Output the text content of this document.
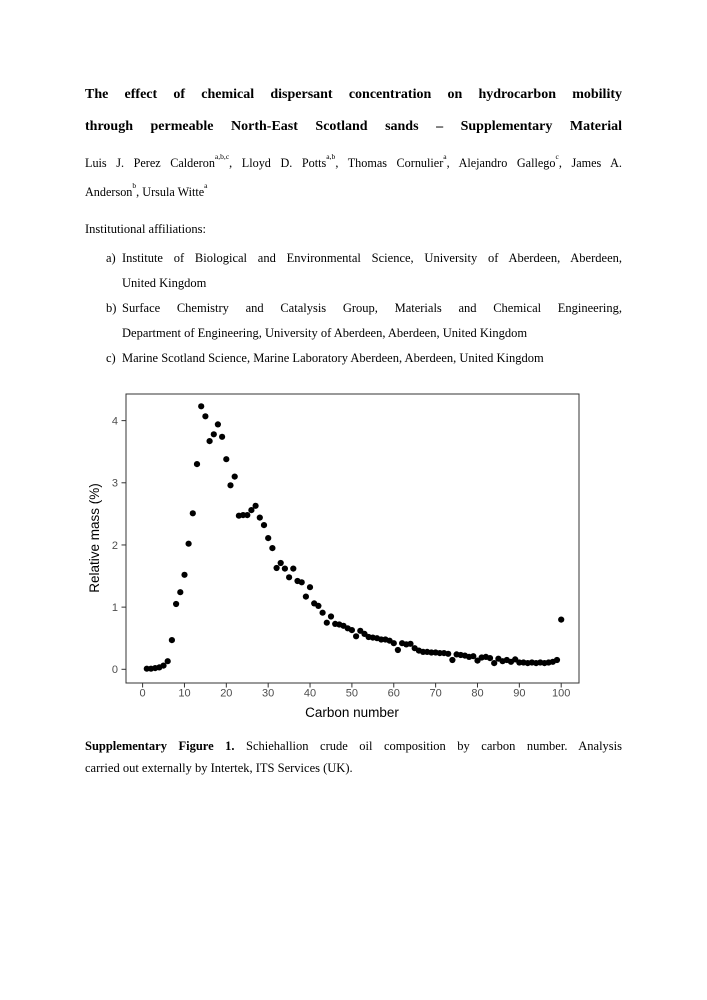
The effect of chemical dispersant concentration on hydrocarbon mobility
through permeable North-East Scotland sands – Supplementary Material
Luis J. Perez Calderon$^{a,b,c}$, Lloyd D. Potts$^{a,b}$, Thomas Cornulier$^a$, Alejandro Gallego$^c$, James A.
Anderson$^b$, Ursula Witte$^a$
Institutional affiliations:
a) Institute of Biological and Environmental Science, University of Aberdeen, Aberdeen,
United Kingdom
b) Surface Chemistry and Catalysis Group, Materials and Chemical Engineering,
Department of Engineering, University of Aberdeen, Aberdeen, United Kingdom
c) Marine Scotland Science, Marine Laboratory Aberdeen, Aberdeen, United Kingdom
0	10	20	30	40	50	60	70	80	90 100
0
1
2
3
4
Carbon number
Relative mass (%)
Supplementary Figure 1. Schiehallion crude oil composition by carbon number. Analysis
carried out externally by Intertek, ITS Services (UK).
